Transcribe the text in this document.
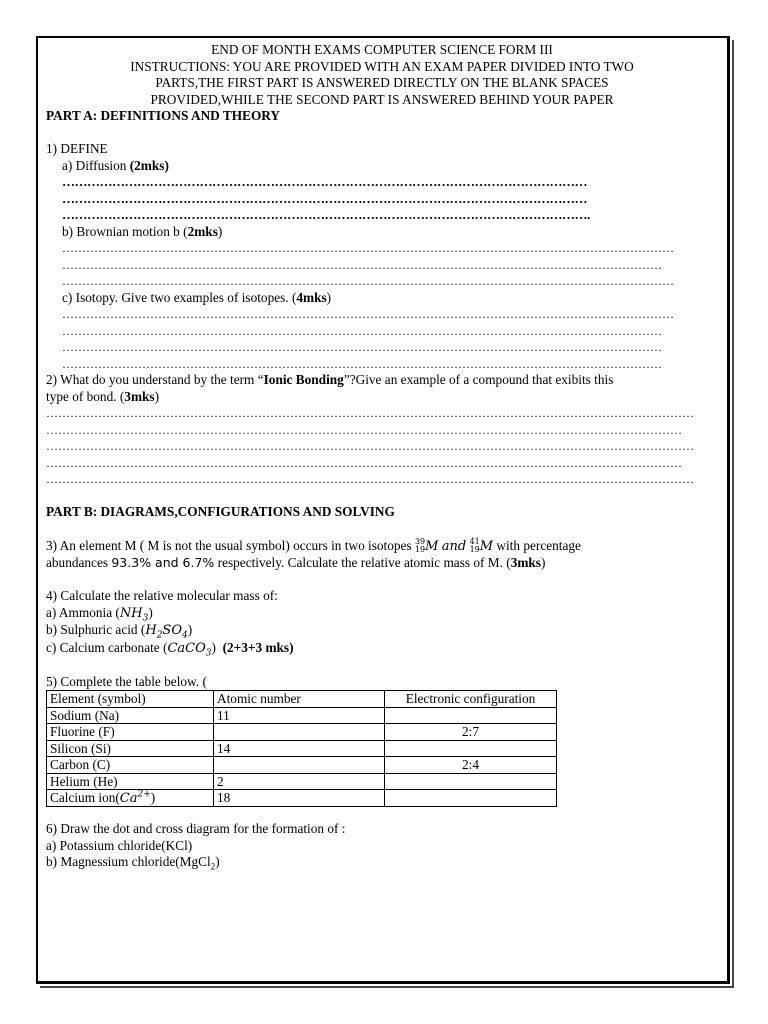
END OF MONTH EXAMS COMPUTER SCIENCE FORM III
INSTRUCTIONS: YOU ARE PROVIDED WITH AN EXAM PAPER DIVIDED INTO TWO
PARTS,THE FIRST PART IS ANSWERED DIRECTLY ON THE BLANK SPACES
PROVIDED,WHILE THE SECOND PART IS ANSWERED BEHIND YOUR PAPER
PART A: DEFINITIONS AND THEORY
1) DEFINE
a) Diffusion (2mks)
………………………………………………………………………………………………………………
………………………………………………………………………………………………………………
……………………………………………………………………………………………………………….
b) Brownian motion b (2mks)
………………………………………………………………………………………………………………………………………
……………………………………………………………………………………………………………………………………
………………………………………………………………………………………………………………………………………
c) Isotopy. Give two examples of isotopes. (4mks)
………………………………………………………………………………………………………………………………………
……………………………………………………………………………………………………………………………………
……………………………………………………………………………………………………………………………………
……………………………………………………………………………………………………………………………………
2) What do you understand by the term “Ionic Bonding”?Give an example of a compound that exibits this
type of bond. (3mks)
………………………………………………………………………………………………………………………………………………
……………………………………………………………………………………………………………………………………………
………………………………………………………………………………………………………………………………………………
……………………………………………………………………………………………………………………………………………
………………………………………………………………………………………………………………………………………………
PART B: DIAGRAMS,CONFIGURATIONS AND SOLVING
3) An element M ( M is not the usual symbol) occurs in two isotopes 39
19M and 41
19M with percentage
abundances 93.3% and 6.7% respectively. Calculate the relative atomic mass of M. (3mks)
4) Calculate the relative molecular mass of:
a) Ammonia $(NH_3)$
b) Sulphuric acid $(H_2SO_4)$
c) Calcium carbonate (CaCO$_3$)  (2+3+3 mks)
5) Complete the table below. (
Element (symbol)	Atomic number	Electronic configuration
Sodium (Na)	11	
Fluorine (F)		2:7
Silicon (Si)	14	
Carbon (C)		2:4
Helium (He)	2	
Calcium $ion(Ca^{2+})$	18	
6) Draw the dot and cross diagram for the formation of :
a) Potassium chloride(KCl)
b) Magnessium chloride(MgCl$_2$)
